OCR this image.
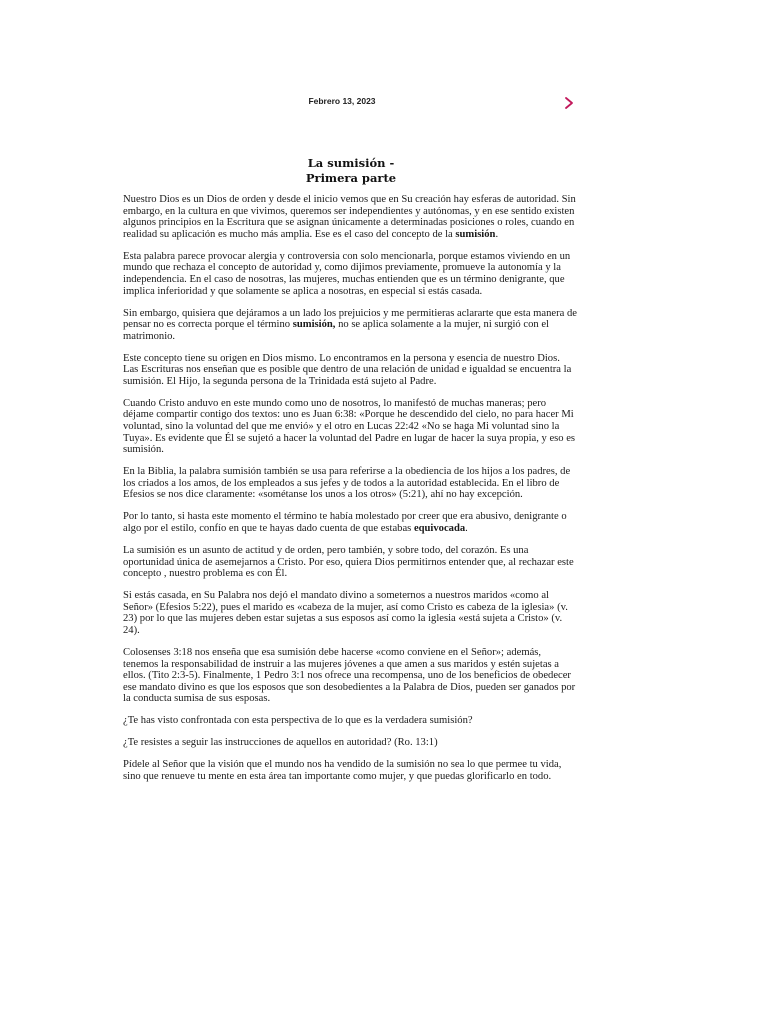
Febrero 13, 2023
La sumisión -
Primera parte

Nuestro Dios es un Dios de orden y desde el inicio vemos que en Su creación hay esferas de autoridad. Sin embargo, en la cultura en que vivimos, queremos ser independientes y autónomas, y en ese sentido existen algunos principios en la Escritura que se asignan únicamente a determinadas posiciones o roles, cuando en realidad su aplicación es mucho más amplia. Ese es el caso del concepto de la sumisión.

Esta palabra parece provocar alergia y controversia con solo mencionarla, porque estamos viviendo en un mundo que rechaza el concepto de autoridad y, como dijimos previamente, promueve la autonomía y la independencia. En el caso de nosotras, las mujeres, muchas entienden que es un término denigrante, que implica inferioridad y que solamente se aplica a nosotras, en especial si estás casada.

Sin embargo, quisiera que dejáramos a un lado los prejuicios y me permitieras aclararte que esta manera de pensar no es correcta porque el término sumisión, no se aplica solamente a la mujer, ni surgió con el matrimonio.

Este concepto tiene su origen en Dios mismo. Lo encontramos en la persona y esencia de nuestro Dios. Las Escrituras nos enseñan que es posible que dentro de una relación de unidad e igualdad se encuentra la sumisión. El Hijo, la segunda persona de la Trinidada está sujeto al Padre.

Cuando Cristo anduvo en este mundo como uno de nosotros, lo manifestó de muchas maneras; pero déjame compartir contigo dos textos: uno es Juan 6:38: «Porque he descendido del cielo, no para hacer Mi voluntad, sino la voluntad del que me envió» y el otro en Lucas 22:42 «No se haga Mi voluntad sino la Tuya». Es evidente que Él se sujetó a hacer la voluntad del Padre en lugar de hacer la suya propia, y eso es sumisión.

En la Biblia, la palabra sumisión también se usa para referirse a la obediencia de los hijos a los padres, de los criados a los amos, de los empleados a sus jefes y de todos a la autoridad establecida. En el libro de Efesios se nos dice claramente: «sométanse los unos a los otros» (5:21), ahí no hay excepción.

Por lo tanto, si hasta este momento el término te había molestado por creer que era abusivo, denigrante o algo por el estilo, confío en que te hayas dado cuenta de que estabas equivocada.

La sumisión es un asunto de actitud y de orden, pero también, y sobre todo, del corazón. Es una oportunidad única de asemejarnos a Cristo. Por eso, quiera Dios permitirnos entender que, al rechazar este concepto , nuestro problema es con Él.

Si estás casada, en Su Palabra nos dejó el mandato divino a someternos a nuestros maridos «como al Señor» (Efesios 5:22), pues el marido es «cabeza de la mujer, así como Cristo es cabeza de la iglesia» (v. 23) por lo que las mujeres deben estar sujetas a sus esposos así como la iglesia «está sujeta a Cristo» (v. 24).

Colosenses 3:18 nos enseña que esa sumisión debe hacerse «como conviene en el Señor»; además, tenemos la responsabilidad de instruir a las mujeres jóvenes a que amen a sus maridos y estén sujetas a ellos. (Tito 2:3-5). Finalmente, 1 Pedro 3:1 nos ofrece una recompensa, uno de los beneficios de obedecer ese mandato divino es que los esposos que son desobedientes a la Palabra de Dios, pueden ser ganados por la conducta sumisa de sus esposas.

¿Te has visto confrontada con esta perspectiva de lo que es la verdadera sumisión?

¿Te resistes a seguir las instrucciones de aquellos en autoridad? (Ro. 13:1)

Pídele al Señor que la visión que el mundo nos ha vendido de la sumisión no sea lo que permee tu vida, sino que renueve tu mente en esta área tan importante como mujer, y que puedas glorificarlo en todo.
